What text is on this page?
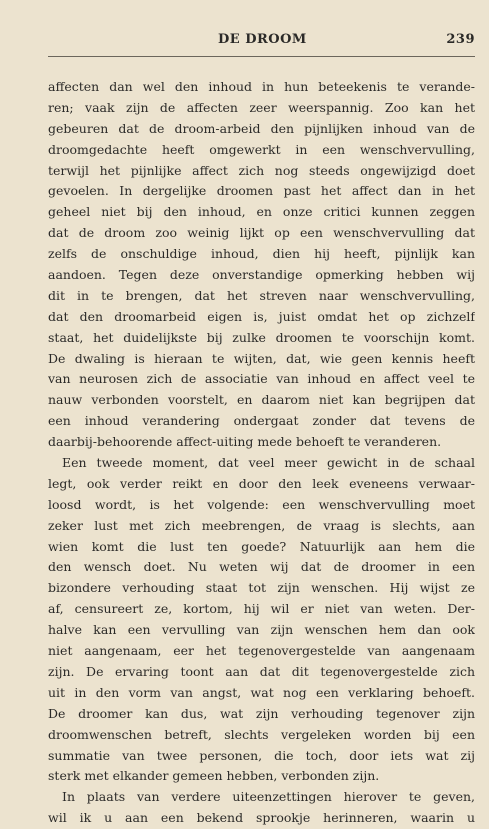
DE DROOM	239
affecten dan wel den inhoud in hun beteekenis te verande-
ren; vaak zijn de affecten zeer weerspannig. Zoo kan het
gebeuren dat de droom-arbeid den pijnlijken inhoud van de
droomgedachte heeft omgewerkt in een wenschvervulling,
terwijl het pijnlijke affect zich nog steeds ongewijzigd doet
gevoelen. In dergelijke droomen past het affect dan in het
geheel niet bij den inhoud, en onze critici kunnen zeggen
dat de droom zoo weinig lijkt op een wenschvervulling dat
zelfs de onschuldige inhoud, dien hij heeft, pijnlijk kan
aandoen. Tegen deze onverstandige opmerking hebben wij
dit in te brengen, dat het streven naar wenschvervulling,
dat den droomarbeid eigen is, juist omdat het op zichzelf
staat, het duidelijkste bij zulke droomen te voorschijn komt.
De dwaling is hieraan te wijten, dat, wie geen kennis heeft
van neurosen zich de associatie van inhoud en affect veel te
nauw verbonden voorstelt, en daarom niet kan begrijpen dat
een inhoud verandering ondergaat zonder dat tevens de
daarbij-behoorende affect-uiting mede behoeft te veranderen.
Een tweede moment, dat veel meer gewicht in de schaal
legt, ook verder reikt en door den leek eveneens verwaar-
loosd wordt, is het volgende: een wenschvervulling moet
zeker lust met zich meebrengen, de vraag is slechts, aan
wien komt die lust ten goede? Natuurlijk aan hem die
den wensch doet. Nu weten wij dat de droomer in een
bizondere verhouding staat tot zijn wenschen. Hij wijst ze
af, censureert ze, kortom, hij wil er niet van weten. Der-
halve kan een vervulling van zijn wenschen hem dan ook
niet aangenaam, eer het tegenovergestelde van aangenaam
zijn. De ervaring toont aan dat dit tegenovergestelde zich
uit in den vorm van angst, wat nog een verklaring behoeft.
De droomer kan dus, wat zijn verhouding tegenover zijn
droomwenschen betreft, slechts vergeleken worden bij een
summatie van twee personen, die toch, door iets wat zij
sterk met elkander gemeen hebben, verbonden zijn.
In plaats van verdere uiteenzettingen hierover te geven,
wil ik u aan een bekend sprookje herinneren, waarin u
